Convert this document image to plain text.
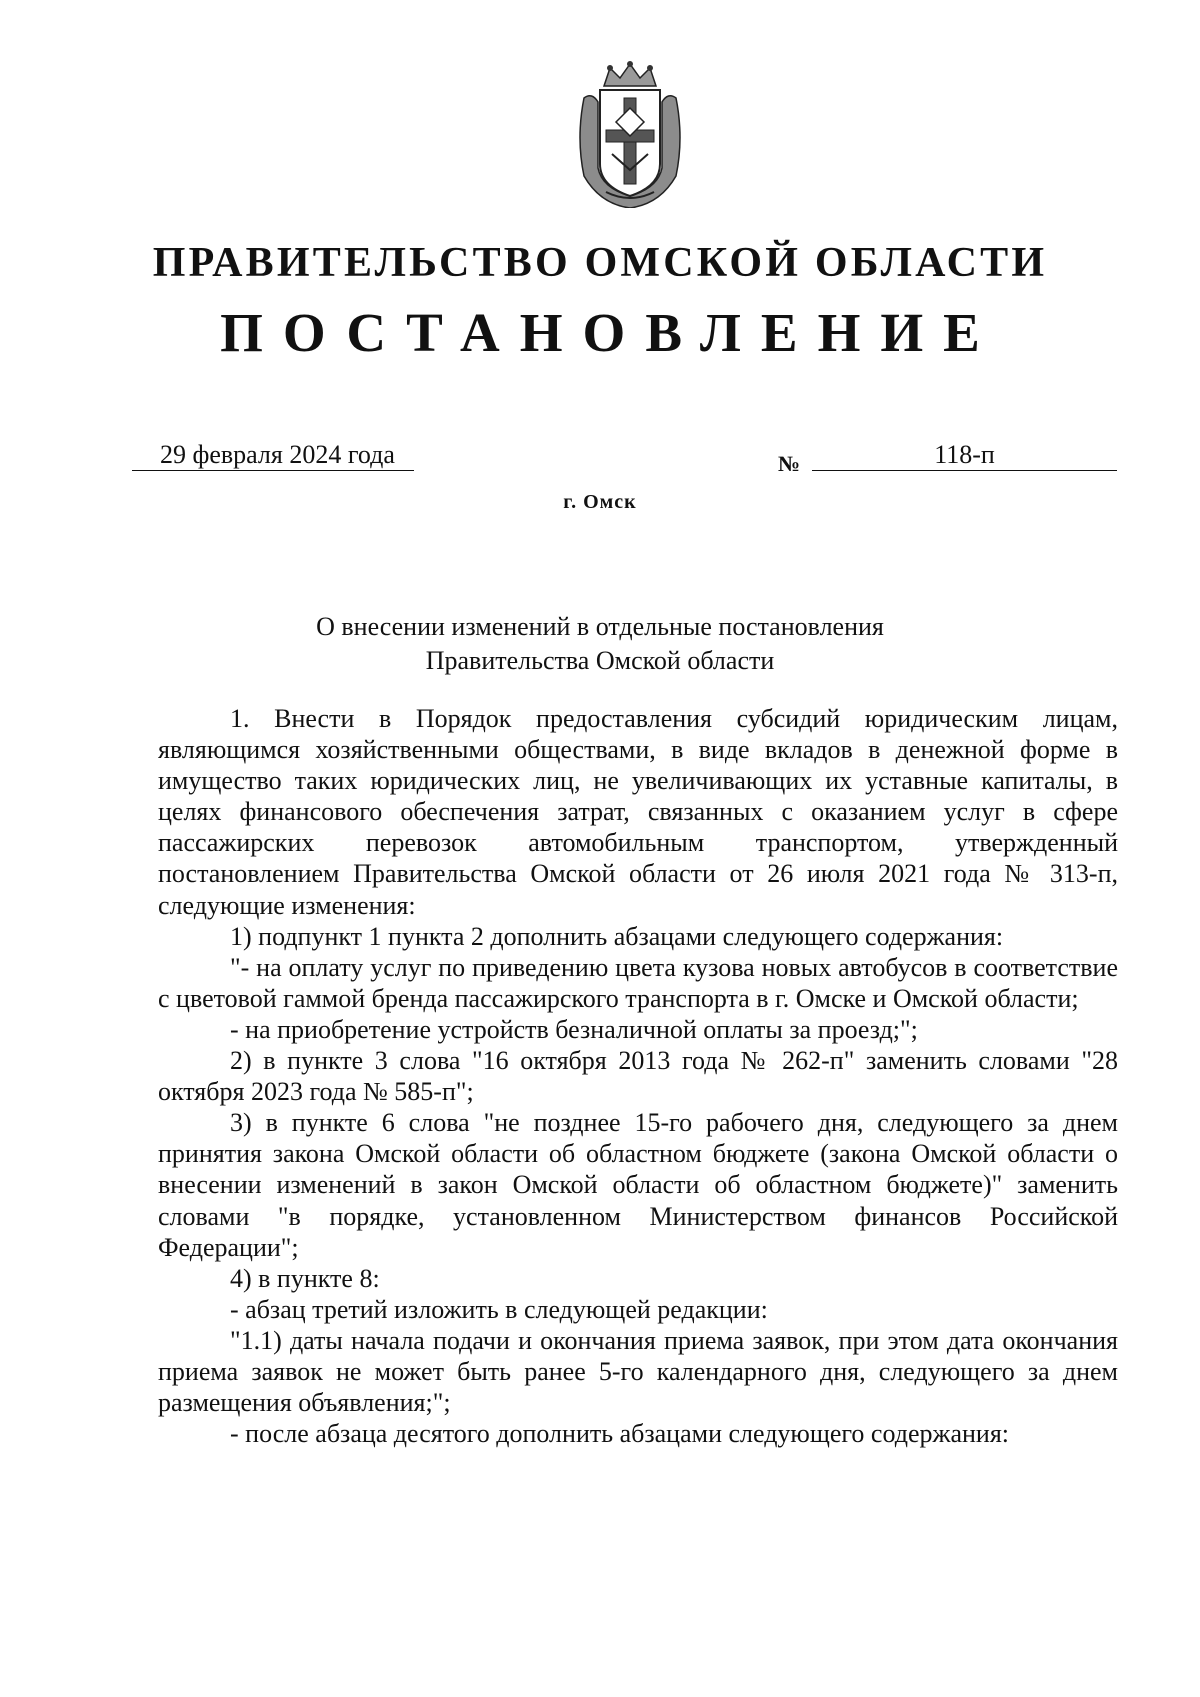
ПРАВИТЕЛЬСТВО ОМСКОЙ ОБЛАСТИ
ПОСТАНОВЛЕНИЕ
29 февраля 2024 года	№	118-п
г. Омск
О внесении изменений в отдельные постановления
Правительства Омской области

1. Внести в Порядок предоставления субсидий юридическим лицам, являющимся хозяйственными обществами, в виде вкладов в денежной форме в имущество таких юридических лиц, не увеличивающих их уставные капиталы, в целях финансового обеспечения затрат, связанных с оказанием услуг в сфере пассажирских перевозок автомобильным транспортом, утвержденный постановлением Правительства Омской области от 26 июля 2021 года № 313-п, следующие изменения:

1) подпункт 1 пункта 2 дополнить абзацами следующего содержания:

"- на оплату услуг по приведению цвета кузова новых автобусов в соответствие с цветовой гаммой бренда пассажирского транспорта в г. Омске и Омской области;

- на приобретение устройств безналичной оплаты за проезд;";

2) в пункте 3 слова "16 октября 2013 года № 262-п" заменить словами "28 октября 2023 года № 585-п";

3) в пункте 6 слова "не позднее 15-го рабочего дня, следующего за днем принятия закона Омской области об областном бюджете (закона Омской области о внесении изменений в закон Омской области об областном бюджете)" заменить словами "в порядке, установленном Министерством финансов Российской Федерации";

4) в пункте 8:

- абзац третий изложить в следующей редакции:

"1.1) даты начала подачи и окончания приема заявок, при этом дата окончания приема заявок не может быть ранее 5-го календарного дня, следующего за днем размещения объявления;";

- после абзаца десятого дополнить абзацами следующего содержания:
